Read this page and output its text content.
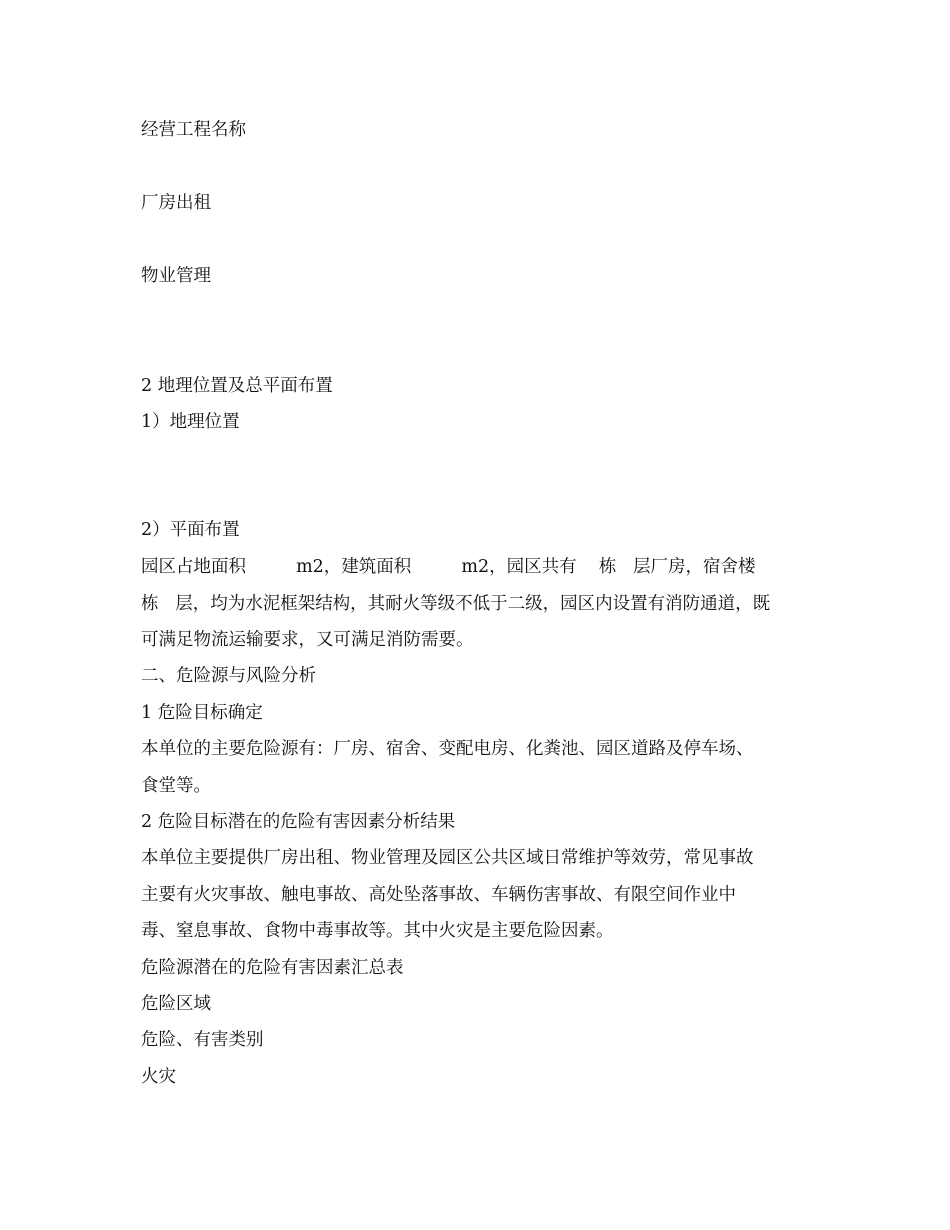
经营工程名称

厂房出租

物业管理

2 地理位置及总平面布置

1）地理位置

2）平面布置

园区占地面积         m2，建筑面积         m2，园区共有    栋   层厂房，宿舍楼

栋   层，均为水泥框架结构，其耐火等级不低于二级，园区内设置有消防通道，既

可满足物流运输要求，又可满足消防需要。

二、危险源与风险分析

1 危险目标确定

本单位的主要危险源有：厂房、宿舍、变配电房、化粪池、园区道路及停车场、

食堂等。

2 危险目标潜在的危险有害因素分析结果

本单位主要提供厂房出租、物业管理及园区公共区域日常维护等效劳，常见事故

主要有火灾事故、触电事故、高处坠落事故、车辆伤害事故、有限空间作业中

毒、窒息事故、食物中毒事故等。其中火灾是主要危险因素。

危险源潜在的危险有害因素汇总表

危险区域

危险、有害类别

火灾
